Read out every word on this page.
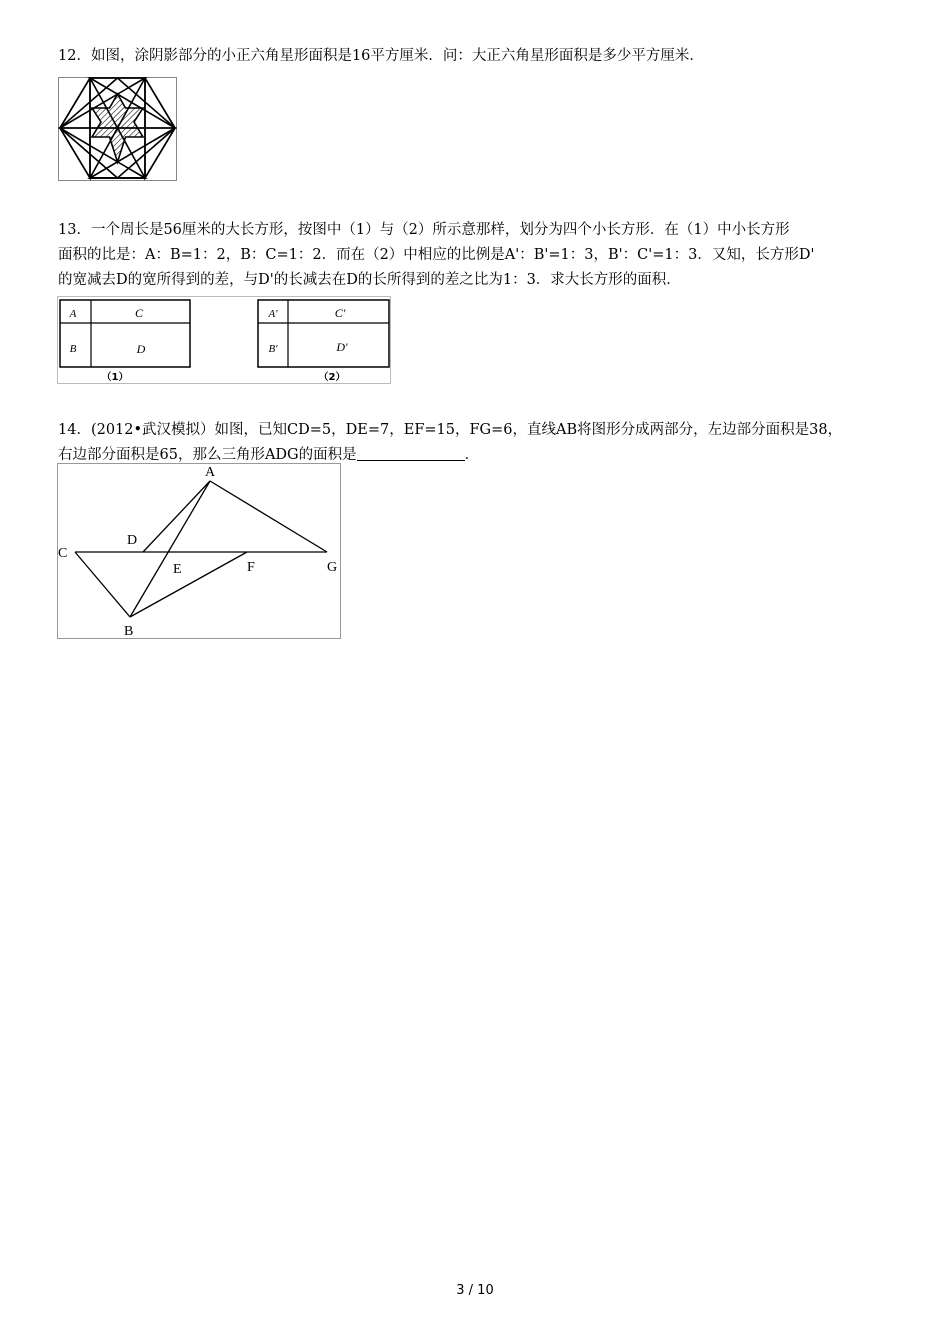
12．如图，涂阴影部分的小正六角星形面积是16平方厘米．问：大正六角星形面积是多少平方厘米．

13．一个周长是56厘米的大长方形，按图中（1）与（2）所示意那样，划分为四个小长方形．在（1）中小长方形

面积的比是：A：B=1：2，B：C=1：2．而在（2）中相应的比例是A'：B'=1：3，B'：C'=1：3．又知，长方形D'

的宽减去D的宽所得到的差，与D'的长减去在D的长所得到的差之比为1：3．求大长方形的面积．

A
B
C
D
（1）
A'
B'
C'
D'
（2）

14．(2012•武汉模拟）如图，已知CD=5，DE=7，EF=15，FG=6，直线AB将图形分成两部分，左边部分面积是38，

右边部分面积是65，那么三角形ADG的面积是	．

A
B
C
D
E	F	G
3 / 10
